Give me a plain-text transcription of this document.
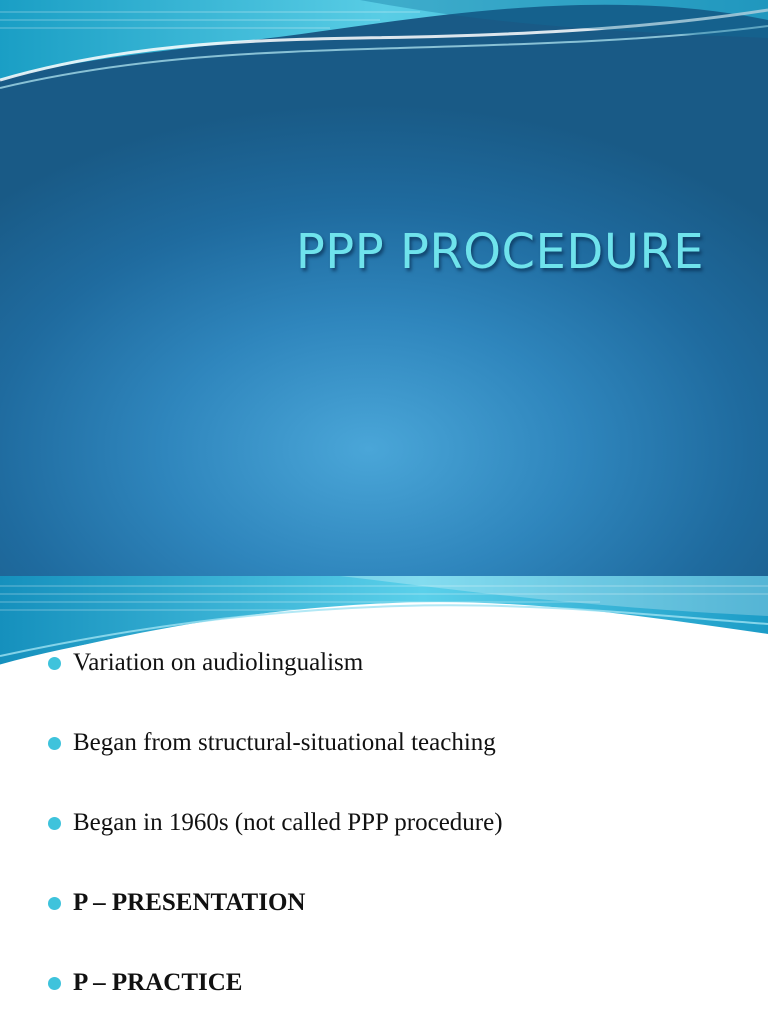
PPP PROCEDURE
Variation on audiolingualism
Began from structural-situational teaching
Began in 1960s (not called PPP procedure)
P – PRESENTATION
P – PRACTICE
